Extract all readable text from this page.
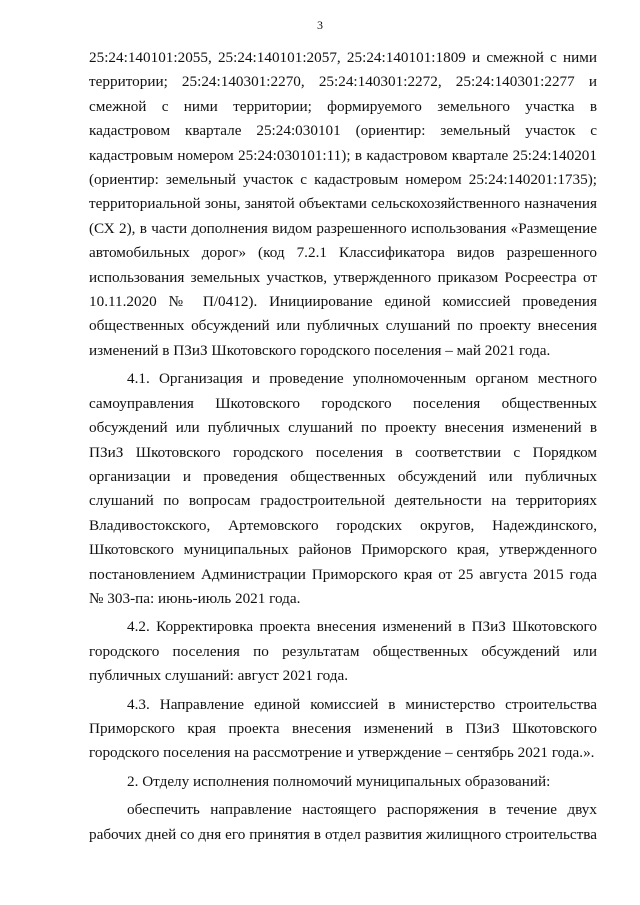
3

25:24:140101:2055, 25:24:140101:2057, 25:24:140101:1809 и смежной с ними территории; 25:24:140301:2270, 25:24:140301:2272, 25:24:140301:2277 и смежной с ними территории; формируемого земельного участка в кадастровом квартале 25:24:030101 (ориентир: земельный участок с кадастровым номером 25:24:030101:11); в кадастровом квартале 25:24:140201 (ориентир: земельный участок с кадастровым номером 25:24:140201:1735); территориальной зоны, занятой объектами сельскохозяйственного назначения (СХ 2), в части дополнения видом разрешенного использования «Размещение автомобильных дорог» (код 7.2.1 Классификатора видов разрешенного использования земельных участков, утвержденного приказом Росреестра от 10.11.2020 № П/0412). Инициирование единой комиссией проведения общественных обсуждений или публичных слушаний по проекту внесения изменений в ПЗиЗ Шкотовского городского поселения – май 2021 года.

4.1. Организация и проведение уполномоченным органом местного самоуправления Шкотовского городского поселения общественных обсуждений или публичных слушаний по проекту внесения изменений в ПЗиЗ Шкотовского городского поселения в соответствии с Порядком организации и проведения общественных обсуждений или публичных слушаний по вопросам градостроительной деятельности на территориях Владивостокского, Артемовского городских округов, Надеждинского, Шкотовского муниципальных районов Приморского края, утвержденного постановлением Администрации Приморского края от 25 августа 2015 года № 303-па: июнь-июль 2021 года.

4.2. Корректировка проекта внесения изменений в ПЗиЗ Шкотовского городского поселения по результатам общественных обсуждений или публичных слушаний: август 2021 года.

4.3. Направление единой комиссией в министерство строительства Приморского края проекта внесения изменений в ПЗиЗ Шкотовского городского поселения на рассмотрение и утверждение – сентябрь 2021 года.».

2. Отделу исполнения полномочий муниципальных образований:

обеспечить направление настоящего распоряжения в течение двух рабочих дней со дня его принятия в отдел развития жилищного строительства
